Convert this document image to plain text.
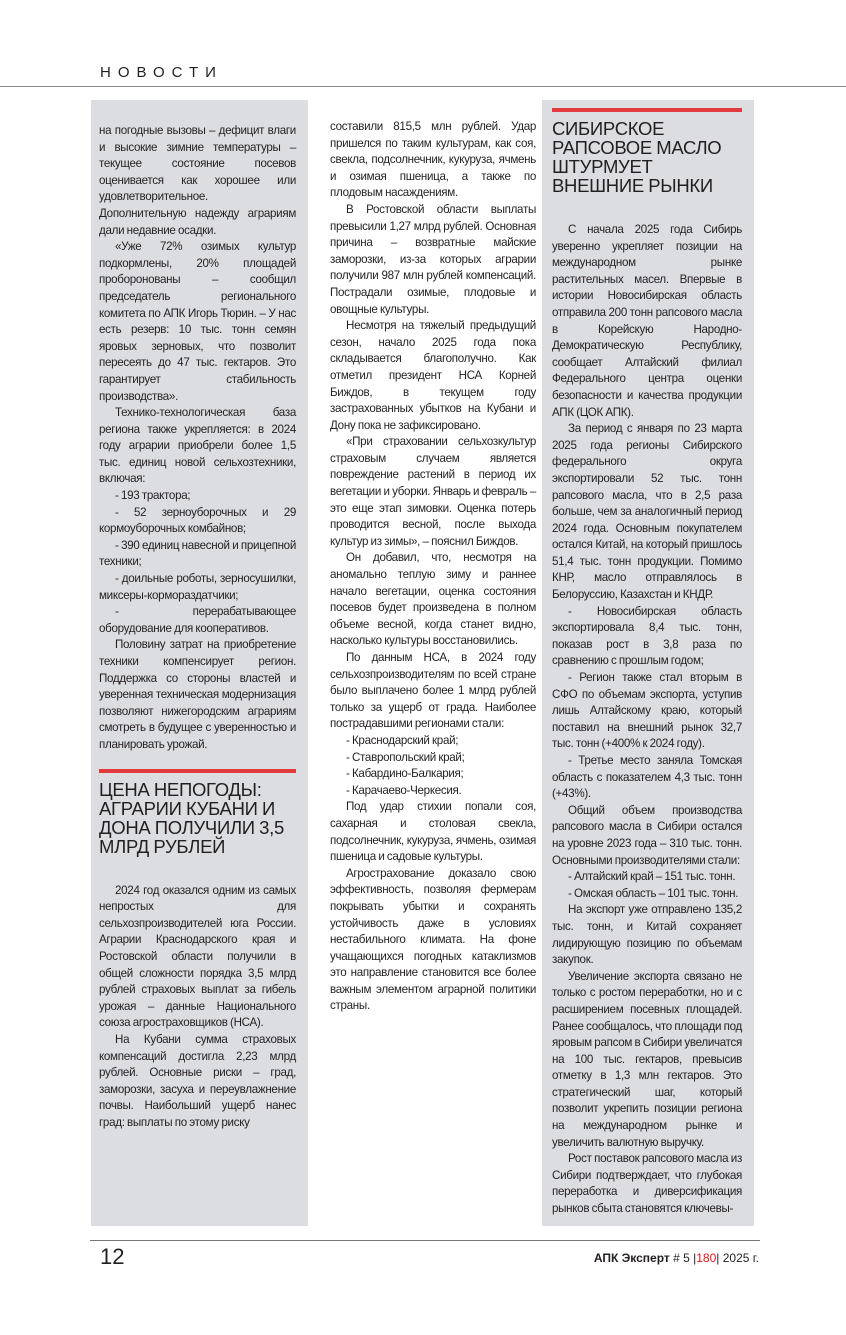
НОВОСТИ

на погодные вызовы – дефицит влаги и высокие зимние температуры – текущее состояние посевов оценивается как хорошее или удовлетворительное. Дополнительную надежду аграриям дали недавние осадки.

«Уже 72% озимых культур подкормлены, 20% площадей проборонованы – сообщил председатель регионального комитета по АПК Игорь Тюрин. – У нас есть резерв: 10 тыс. тонн семян яровых зерновых, что позволит пересеять до 47 тыс. гектаров. Это гарантирует стабильность производства».

Технико-технологическая база региона также укрепляется: в 2024 году аграрии приобрели более 1,5 тыс. единиц новой сельхозтехники, включая:

- 193 трактора;

- 52 зерноуборочных и 29 кормоуборочных комбайнов;

- 390 единиц навесной и прицепной техники;

- доильные роботы, зерносушилки, миксеры-кормораздатчики;

- перерабатывающее оборудование для кооперативов.

Половину затрат на приобретение техники компенсирует регион. Поддержка со стороны властей и уверенная техническая модернизация позволяют нижегородским аграриям смотреть в будущее с уверенностью и планировать урожай.

ЦЕНА НЕПОГОДЫ: АГРАРИИ КУБАНИ И ДОНА ПОЛУЧИЛИ 3,5 МЛРД РУБЛЕЙ

2024 год оказался одним из самых непростых для сельхозпроизводителей юга России. Аграрии Краснодарского края и Ростовской области получили в общей сложности порядка 3,5 млрд рублей страховых выплат за гибель урожая – данные Национального союза агростраховщиков (НСА).

На Кубани сумма страховых компенсаций достигла 2,23 млрд рублей. Основные риски – град, заморозки, засуха и переувлажнение почвы. Наибольший ущерб нанес град: выплаты по этому риску

составили 815,5 млн рублей. Удар пришелся по таким культурам, как соя, свекла, подсолнечник, кукуруза, ячмень и озимая пшеница, а также по плодовым насаждениям.

В Ростовской области выплаты превысили 1,27 млрд рублей. Основная причина – возвратные майские заморозки, из-за которых аграрии получили 987 млн рублей компенсаций. Пострадали озимые, плодовые и овощные культуры.

Несмотря на тяжелый предыдущий сезон, начало 2025 года пока складывается благополучно. Как отметил президент НСА Корней Биждов, в текущем году застрахованных убытков на Кубани и Дону пока не зафиксировано.

«При страховании сельхозкультур страховым случаем является повреждение растений в период их вегетации и уборки. Январь и февраль – это еще этап зимовки. Оценка потерь проводится весной, после выхода культур из зимы», – пояснил Биждов.

Он добавил, что, несмотря на аномально теплую зиму и раннее начало вегетации, оценка состояния посевов будет произведена в полном объеме весной, когда станет видно, насколько культуры восстановились.

По данным НСА, в 2024 году сельхозпроизводителям по всей стране было выплачено более 1 млрд рублей только за ущерб от града. Наиболее пострадавшими регионами стали:

- Краснодарский край;

- Ставропольский край;

- Кабардино-Балкария;

- Карачаево-Черкесия.

Под удар стихии попали соя, сахарная и столовая свекла, подсолнечник, кукуруза, ячмень, озимая пшеница и садовые культуры.

Агрострахование доказало свою эффективность, позволяя фермерам покрывать убытки и сохранять устойчивость даже в условиях нестабильного климата. На фоне учащающихся погодных катаклизмов это направление становится все более важным элементом аграрной политики страны.

СИБИРСКОЕ РАПСОВОЕ МАСЛО ШТУРМУЕТ ВНЕШНИЕ РЫНКИ

С начала 2025 года Сибирь уверенно укрепляет позиции на международном рынке растительных масел. Впервые в истории Новосибирская область отправила 200 тонн рапсового масла в Корейскую Народно-Демократическую Республику, сообщает Алтайский филиал Федерального центра оценки безопасности и качества продукции АПК (ЦОК АПК).

За период с января по 23 марта 2025 года регионы Сибирского федерального округа экспортировали 52 тыс. тонн рапсового масла, что в 2,5 раза больше, чем за аналогичный период 2024 года. Основным покупателем остался Китай, на который пришлось 51,4 тыс. тонн продукции. Помимо КНР, масло отправлялось в Белоруссию, Казахстан и КНДР.

- Новосибирская область экспортировала 8,4 тыс. тонн, показав рост в 3,8 раза по сравнению с прошлым годом;

- Регион также стал вторым в СФО по объемам экспорта, уступив лишь Алтайскому краю, который поставил на внешний рынок 32,7 тыс. тонн (+400% к 2024 году).

- Третье место заняла Томская область с показателем 4,3 тыс. тонн (+43%).

Общий объем производства рапсового масла в Сибири остался на уровне 2023 года – 310 тыс. тонн. Основными производителями стали:

- Алтайский край – 151 тыс. тонн.

- Омская область – 101 тыс. тонн.

На экспорт уже отправлено 135,2 тыс. тонн, и Китай сохраняет лидирующую позицию по объемам закупок.

Увеличение экспорта связано не только с ростом переработки, но и с расширением посевных площадей. Ранее сообщалось, что площади под яровым рапсом в Сибири увеличатся на 100 тыс. гектаров, превысив отметку в 1,3 млн гектаров. Это стратегический шаг, который позволит укрепить позиции региона на международном рынке и увеличить валютную выручку.

Рост поставок рапсового масла из Сибири подтверждает, что глубокая переработка и диверсификация рынков сбыта становятся ключевы-

12	АПК Эксперт # 5 |180| 2025 г.
